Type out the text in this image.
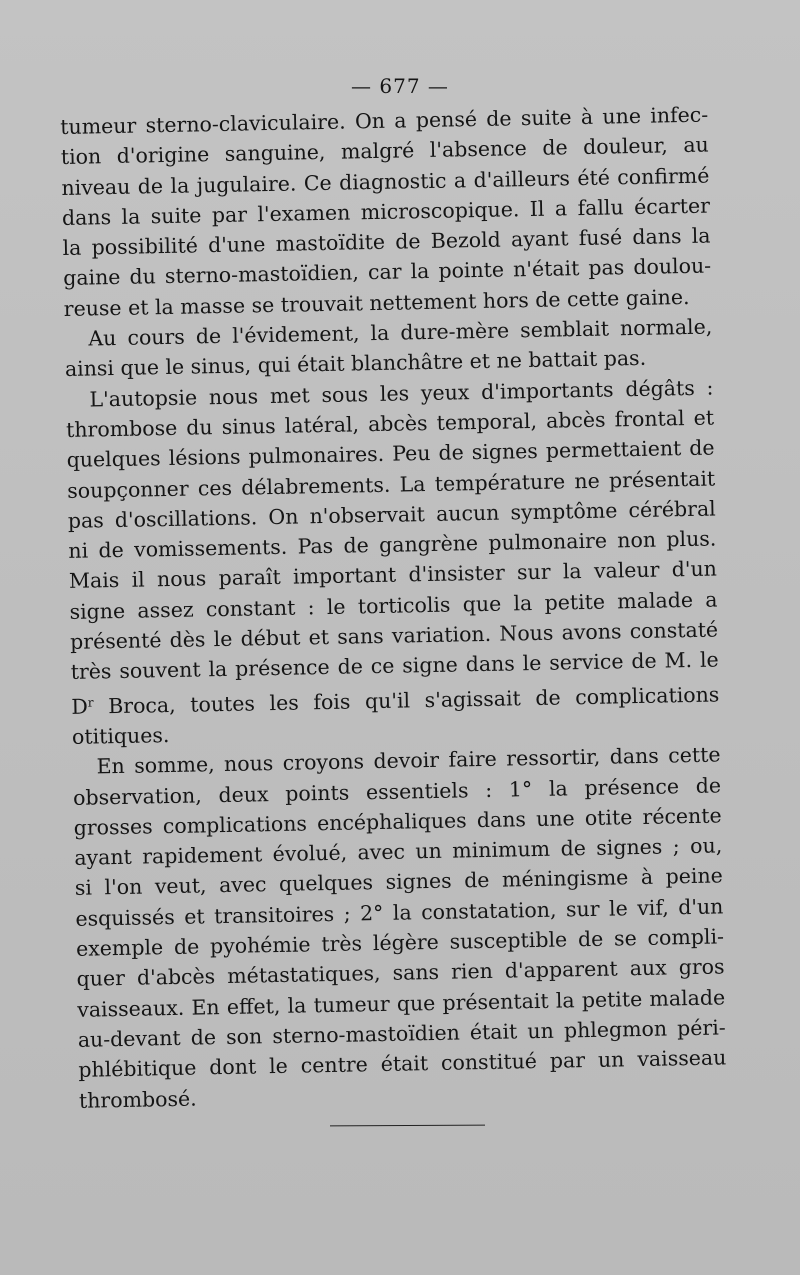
— 677 —

tumeur sterno-claviculaire. On a pensé de suite à une infec-
tion d'origine sanguine, malgré l'absence de douleur, au
niveau de la jugulaire. Ce diagnostic a d'ailleurs été confirmé
dans la suite par l'examen microscopique. Il a fallu écarter
la possibilité d'une mastoïdite de Bezold ayant fusé dans la
gaine du sterno-mastoïdien, car la pointe n'était pas doulou-
reuse et la masse se trouvait nettement hors de cette gaine.

Au cours de l'évidement, la dure-mère semblait normale,
ainsi que le sinus, qui était blanchâtre et ne battait pas.

L'autopsie nous met sous les yeux d'importants dégâts :
thrombose du sinus latéral, abcès temporal, abcès frontal et
quelques lésions pulmonaires. Peu de signes permettaient de
soupçonner ces délabrements. La température ne présentait
pas d'oscillations. On n'observait aucun symptôme cérébral
ni de vomissements. Pas de gangrène pulmonaire non plus.
Mais il nous paraît important d'insister sur la valeur d'un
signe assez constant : le torticolis que la petite malade a
présenté dès le début et sans variation. Nous avons constaté
très souvent la présence de ce signe dans le service de M. le
$D^r$ Broca, toutes les fois qu'il s'agissait de complications
otitiques.

En somme, nous croyons devoir faire ressortir, dans cette
observation, deux points essentiels : 1° la présence de
grosses complications encéphaliques dans une otite récente
ayant rapidement évolué, avec un minimum de signes ; ou,
si l'on veut, avec quelques signes de méningisme à peine
esquissés et transitoires ; 2° la constatation, sur le vif, d'un
exemple de pyohémie très légère susceptible de se compli-
quer d'abcès métastatiques, sans rien d'apparent aux gros
vaisseaux. En effet, la tumeur que présentait la petite malade
au-devant de son sterno-mastoïdien était un phlegmon péri-
phlébitique dont le centre était constitué par un vaisseau
thrombosé.
